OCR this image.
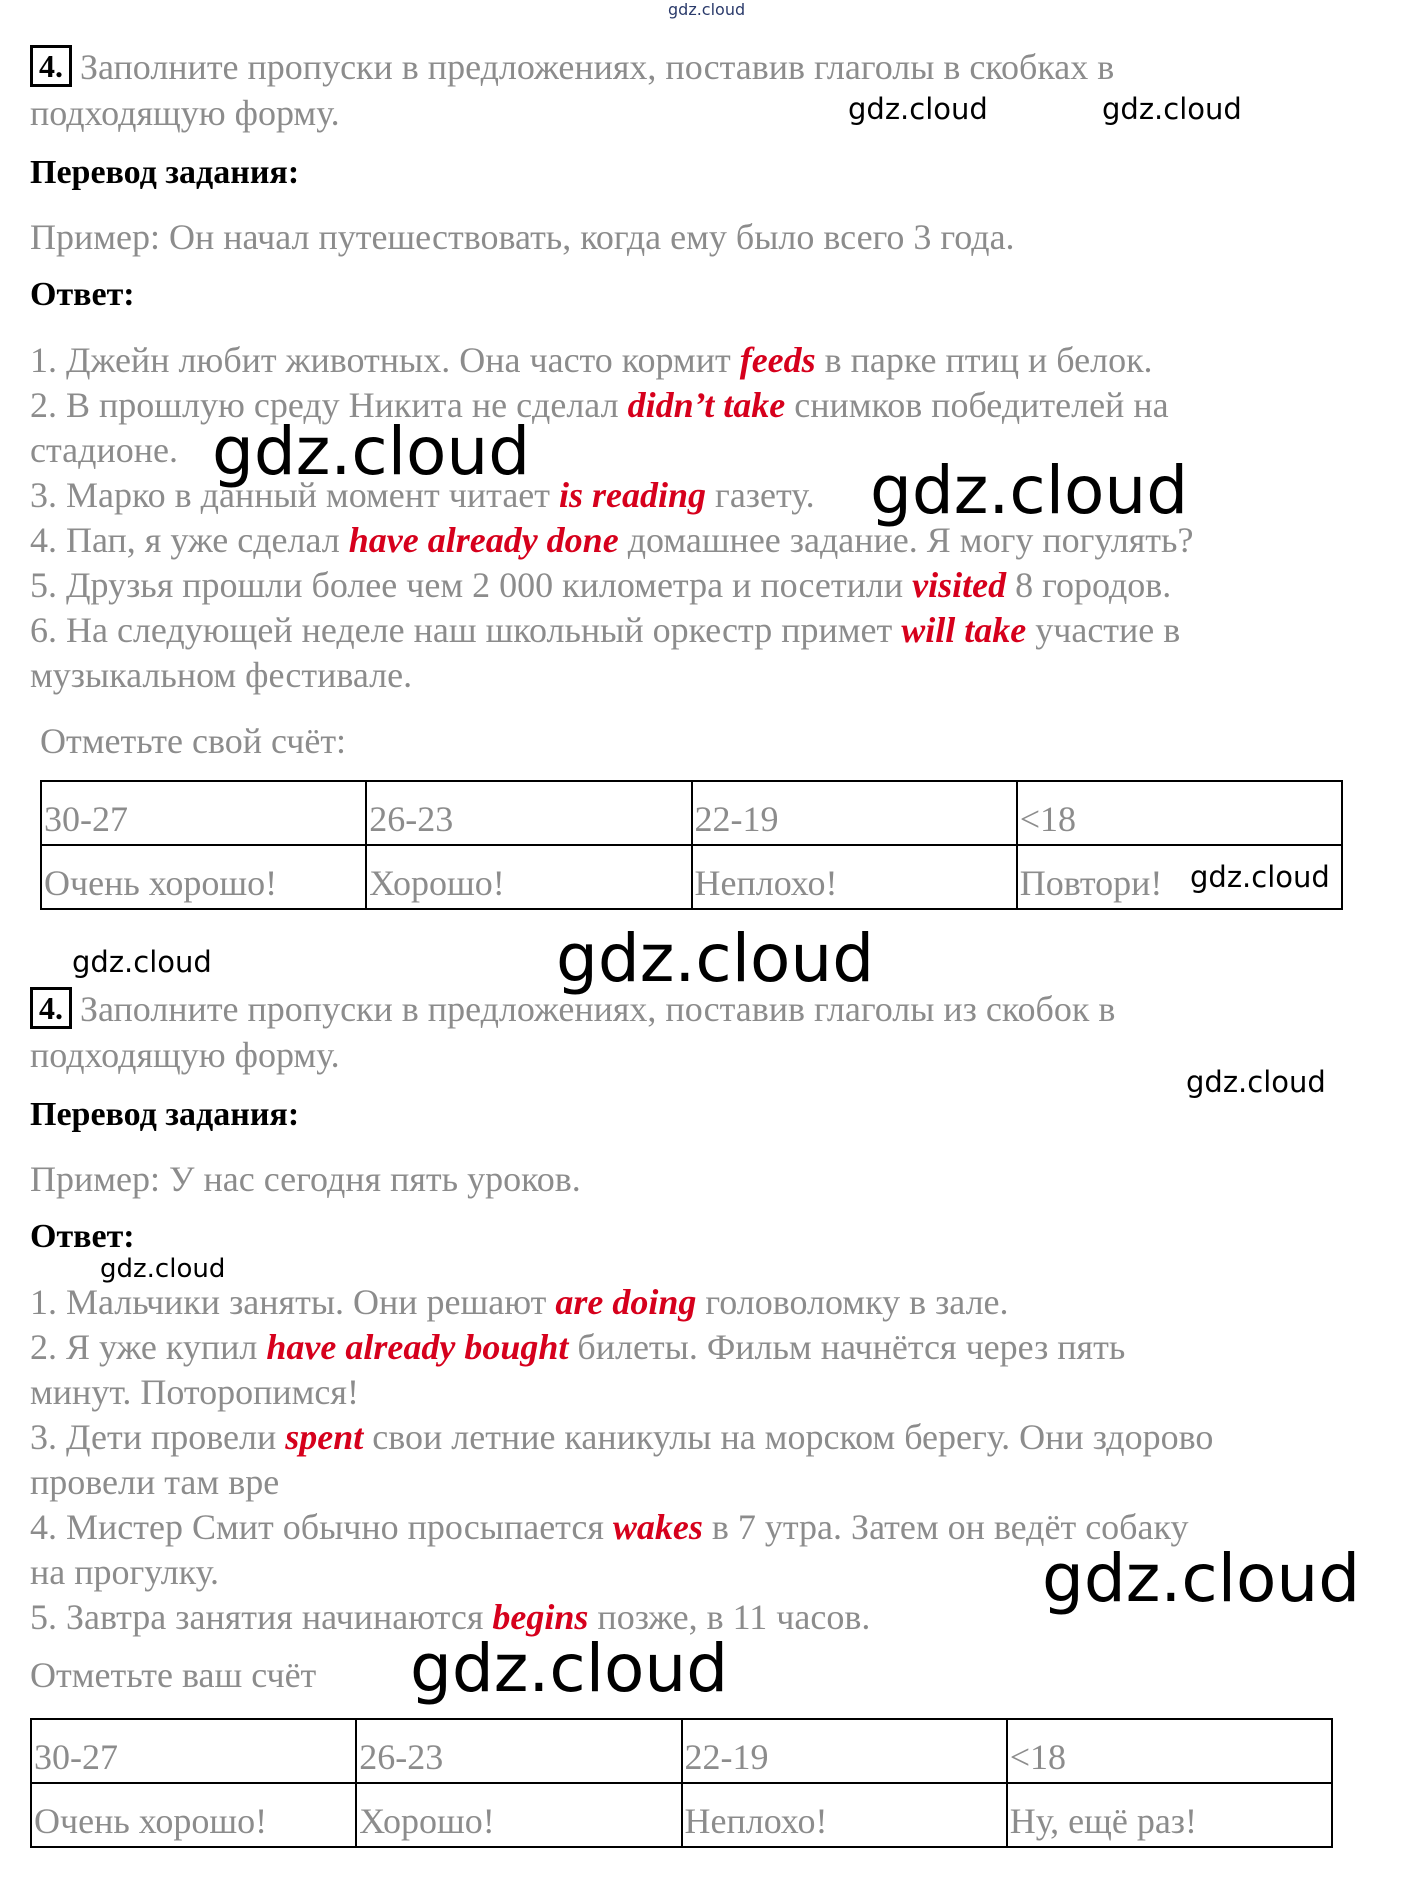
gdz.cloud
4. Заполните пропуски в предложениях, поставив глаголы в скобках в
подходящую форму.
Перевод задания:
Пример: Он начал путешествовать, когда ему было всего 3 года.
Ответ:
1. Джейн любит животных. Она часто кормит feeds в парке птиц и белок.
2. В прошлую среду Никита не сделал didn’t take снимков победителей на
стадионе.
3. Марко в данный момент читает is reading газету.
4. Пап, я уже сделал have already done домашнее задание. Я могу погулять?
5. Друзья прошли более чем 2 000 километра и посетили visited 8 городов.
6. На следующей неделе наш школьный оркестр примет will take участие в
музыкальном фестивале.
Отметьте свой счёт:
30-27	26-23	22-19	<18
Очень хорошо!	Хорошо!	Неплохо!	Повтори!
4. Заполните пропуски в предложениях, поставив глаголы из скобок в
подходящую форму.
Перевод задания:
Пример: У нас сегодня пять уроков.
Ответ:
1. Мальчики заняты. Они решают are doing головоломку в зале.
2. Я уже купил have already bought билеты. Фильм начнётся через пять
минут. Поторопимся!
3. Дети провели spent свои летние каникулы на морском берегу. Они здорово
провели там вре
4. Мистер Смит обычно просыпается wakes в 7 утра. Затем он ведёт собаку
на прогулку.
5. Завтра занятия начинаются begins позже, в 11 часов.
Отметьте ваш счёт
30-27	26-23	22-19	<18
Очень хорошо!	Хорошо!	Неплохо!	Ну, ещё раз!
gdz.cloud	gdz.cloud
gdz.cloud
gdz.cloud
gdz.cloud
gdz.cloud	gdz.cloud
gdz.cloud
gdz.cloud
gdz.cloud
gdz.cloud
